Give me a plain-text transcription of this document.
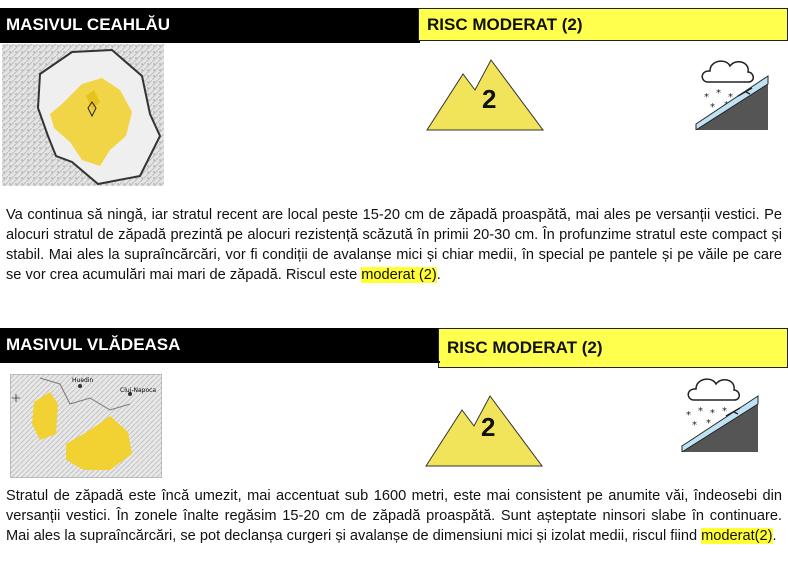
MASIVUL CEAHLĂU	RISC MODERAT (2)
2	* * *
*

Va continua să ningă, iar stratul recent are local peste 15-20 cm de zăpadă proaspătă, mai ales pe versanții vestici. Pe alocuri stratul de zăpadă prezintă pe alocuri rezistență scăzută în primii 20-30 cm. În profunzime stratul este compact și stabil. Mai ales la supraîncărcări, vor fi condiții de avalanșe mici și chiar medii, în special pe pantele și pe văile pe care se vor crea acumulări mai mari de zăpadă. Riscul este moderat (2).

MASIVUL VLĂDEASA	RISC MODERAT (2)
Huedin
Cluj-Napoca
2	* * * *
* *

Stratul de zăpadă este încă umezit, mai accentuat sub 1600 metri, este mai consistent pe anumite văi, îndeosebi din versanții vestici. În zonele înalte regăsim 15-20 cm de zăpadă proaspătă. Sunt așteptate ninsori slabe în continuare. Mai ales la supraîncărcări, se pot declanșa curgeri și avalanșe de dimensiuni mici și izolat medii, riscul fiind moderat(2).
